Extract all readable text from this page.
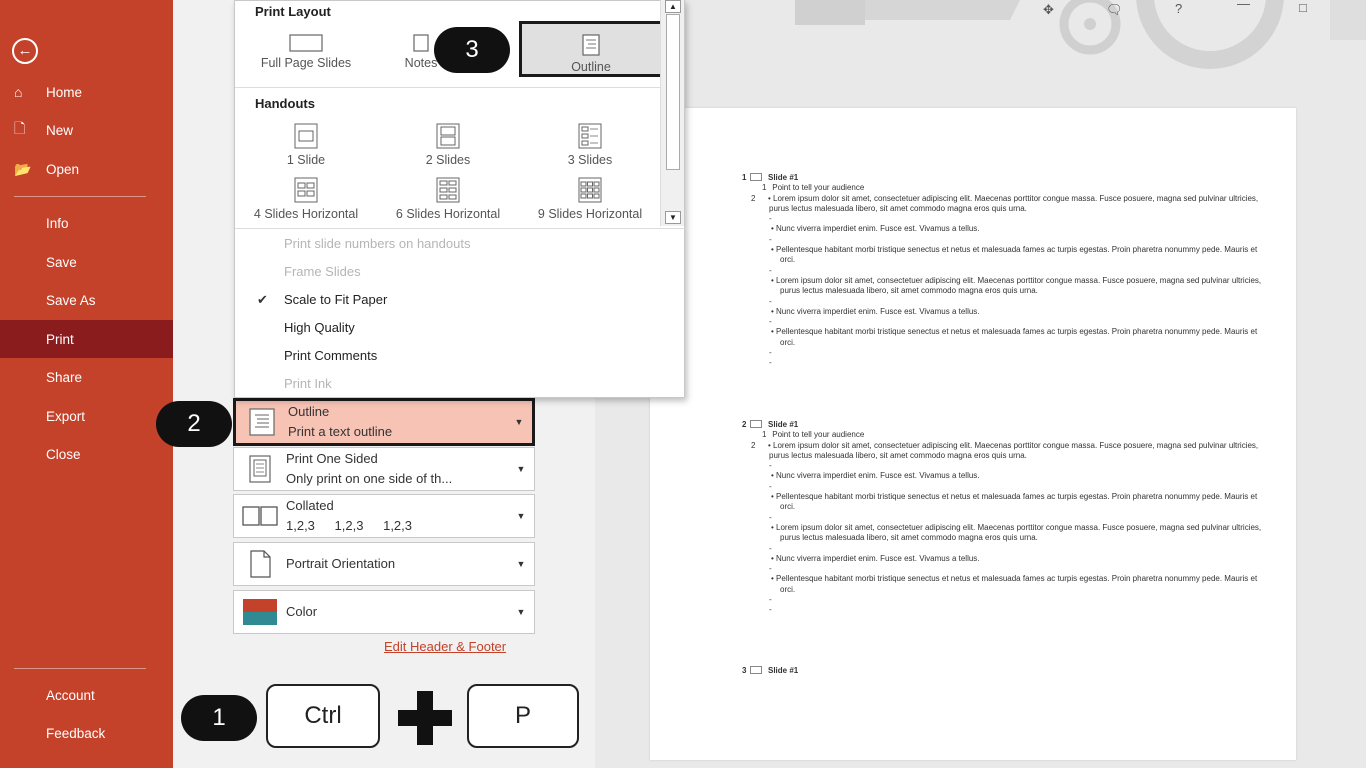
←
⌂	Home
🗋	New
📂	Open
Info
Save
Save As
Print
Share
Export
Close
Account
Feedback
Outline
Print a text outline
▼
Print One Sided
Only print on one side of th...
▼
Collated
1,2,3 1,2,3 1,2,3
▼
Portrait Orientation	▼
Color	▼
Edit Header & Footer
✥	🗨	?	—	□
1	Slide #1
1 Point to tell your audience
2 • Lorem ipsum dolor sit amet, consectetuer adipiscing elit. Maecenas porttitor congue massa. Fusce posuere, magna sed pulvinar ultricies, purus lectus malesuada libero, sit amet commodo magna eros quis urna.
-
• Nunc viverra imperdiet enim. Fusce est. Vivamus a tellus.
-
• Pellentesque habitant morbi tristique senectus et netus et malesuada fames ac turpis egestas. Proin pharetra nonummy pede. Mauris et orci.
-
• Lorem ipsum dolor sit amet, consectetuer adipiscing elit. Maecenas porttitor congue massa. Fusce posuere, magna sed pulvinar ultricies, purus lectus malesuada libero, sit amet commodo magna eros quis urna.
-
• Nunc viverra imperdiet enim. Fusce est. Vivamus a tellus.
-
• Pellentesque habitant morbi tristique senectus et netus et malesuada fames ac turpis egestas. Proin pharetra nonummy pede. Mauris et orci.
-
-
2	Slide #1
1 Point to tell your audience
2 • Lorem ipsum dolor sit amet, consectetuer adipiscing elit. Maecenas porttitor congue massa. Fusce posuere, magna sed pulvinar ultricies, purus lectus malesuada libero, sit amet commodo magna eros quis urna.
-
• Nunc viverra imperdiet enim. Fusce est. Vivamus a tellus.
-
• Pellentesque habitant morbi tristique senectus et netus et malesuada fames ac turpis egestas. Proin pharetra nonummy pede. Mauris et orci.
-
• Lorem ipsum dolor sit amet, consectetuer adipiscing elit. Maecenas porttitor congue massa. Fusce posuere, magna sed pulvinar ultricies, purus lectus malesuada libero, sit amet commodo magna eros quis urna.
-
• Nunc viverra imperdiet enim. Fusce est. Vivamus a tellus.
-
• Pellentesque habitant morbi tristique senectus et netus et malesuada fames ac turpis egestas. Proin pharetra nonummy pede. Mauris et orci.
-
-
3	Slide #1
Print Layout
Full Page Slides	Notes	Outline
Handouts
1 Slide	2 Slides	3 Slides
4 Slides Horizontal	6 Slides Horizontal	9 Slides Horizontal
Print slide numbers on handouts
Frame Slides
✔ Scale to Fit Paper
High Quality
Print Comments
Print Ink
▲
▼
3
2
1	Ctrl	P
